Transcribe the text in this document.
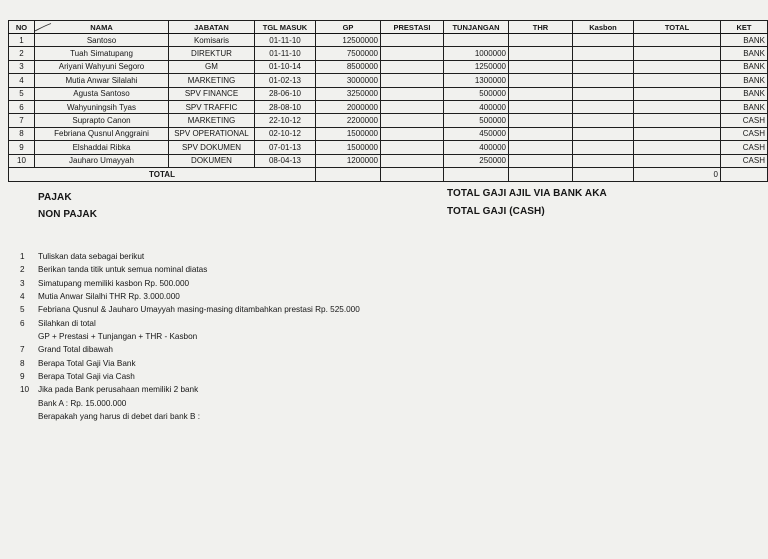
NO	NAMA	JABATAN	TGL MASUK	GP	PRESTASI	TUNJANGAN	THR	Kasbon	TOTAL	KET
1	Santoso	Komisaris	01-11-10	12500000						BANK
2	Tuah Simatupang	DIREKTUR	01-11-10	7500000		1000000				BANK
3	Ariyani Wahyuni Segoro	GM	01-10-14	8500000		1250000				BANK
4	Mutia Anwar Silalahi	MARKETING	01-02-13	3000000		1300000				BANK
5	Agusta Santoso	SPV FINANCE	28-06-10	3250000		500000				BANK
6	Wahyuningsih Tyas	SPV TRAFFIC	28-08-10	2000000		400000				BANK
7	Suprapto Canon	MARKETING	22-10-12	2200000		500000				CASH
8	Febriana Qusnul Anggraini	SPV OPERATIONAL	02-10-12	1500000		450000				CASH
9	Elshaddai Ribka	SPV DOKUMEN	07-01-13	1500000		400000				CASH
10	Jauharo Umayyah	DOKUMEN	08-04-13	1200000		250000				CASH
TOTAL									0	
PAJAK
NON PAJAK
TOTAL GAJI AJIL VIA BANK AKA
TOTAL GAJI (CASH)
1	Tuliskan data sebagai berikut
2	Berikan tanda titik untuk semua nominal diatas
3	Simatupang memiliki kasbon Rp. 500.000
4	Mutia Anwar Silalhi THR Rp. 3.000.000
5	Febriana Qusnul & Jauharo Umayyah masing-masing ditambahkan prestasi Rp. 525.000
6	Silahkan di total
GP + Prestasi + Tunjangan + THR - Kasbon
7	Grand Total dibawah
8	Berapa Total Gaji Via Bank
9	Berapa Total Gaji via Cash
10	Jika pada Bank perusahaan memiliki 2 bank
Bank A : Rp. 15.000.000
Berapakah yang harus di debet dari bank B :
